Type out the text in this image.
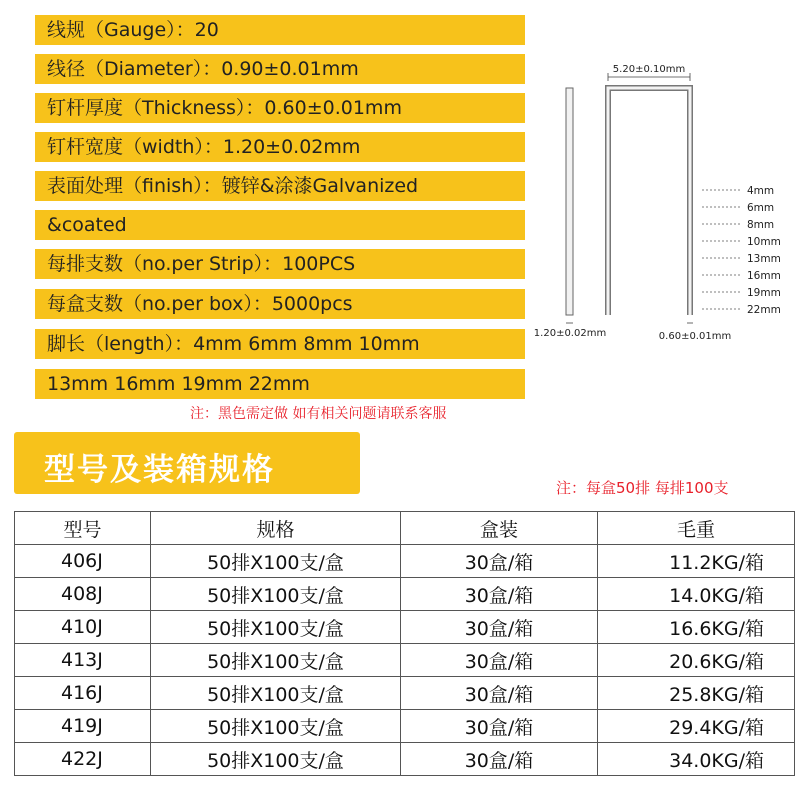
线规（Gauge）：20
线径（Diameter）：0.90±0.01mm
钉杆厚度（Thickness）：0.60±0.01mm
钉杆宽度（width）：1.20±0.02mm
表面处理（finish）：镀锌&涂漆Galvanized
&coated
每排支数（no.per Strip）：100PCS
每盒支数（no.per box）：5000pcs
脚长（length）：4mm 6mm 8mm 10mm
13mm 16mm 19mm 22mm
注：黑色需定做 如有相关问题请联系客服
5.20±0.10mm
4mm
6mm
8mm
10mm
13mm
16mm
19mm
22mm
1.20±0.02mm	0.60±0.01mm
型号及装箱规格	注：每盒50排 每排100支
型号	规格	盒装	毛重
406J	50排X100支/盒	30盒/箱	11.2KG/箱
408J	50排X100支/盒	30盒/箱	14.0KG/箱
410J	50排X100支/盒	30盒/箱	16.6KG/箱
413J	50排X100支/盒	30盒/箱	20.6KG/箱
416J	50排X100支/盒	30盒/箱	25.8KG/箱
419J	50排X100支/盒	30盒/箱	29.4KG/箱
422J	50排X100支/盒	30盒/箱	34.0KG/箱
